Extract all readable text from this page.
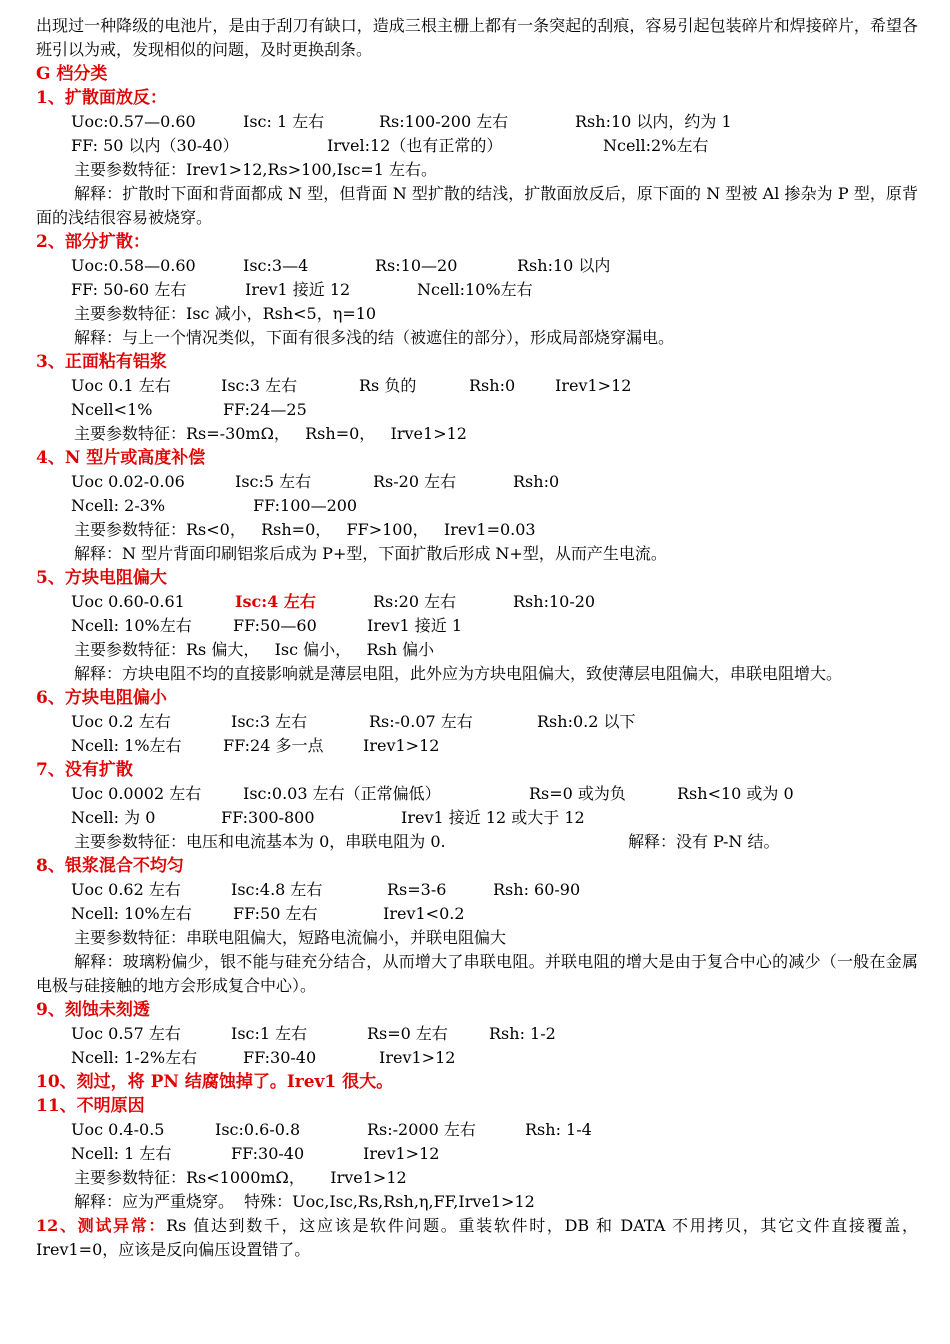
出现过一种降级的电池片，是由于刮刀有缺口，造成三根主栅上都有一条突起的刮痕，容易引起包装碎片和焊接碎片，希望各班引以为戒，发现相似的问题，及时更换刮条。

G 档分类

1、扩散面放反：

Uoc:0.57—0.60	Isc: 1 左右	Rs:100-200 左右	Rsh:10 以内，约为 1
FF: 50 以内（30-40）	Irvel:12（也有正常的）	Ncell:2%左右

主要参数特征：Irev1>12,Rs>100,Isc=1 左右。

解释：扩散时下面和背面都成 N 型，但背面 N 型扩散的结浅，扩散面放反后，原下面的 N 型被 Al 掺杂为 P 型，原背面的浅结很容易被烧穿。

2、部分扩散：

Uoc:0.58—0.60	Isc:3—4	Rs:10—20	Rsh:10 以内
FF: 50-60 左右	Irev1 接近 12	Ncell:10%左右

主要参数特征：Isc 减小，Rsh<5，η=10

解释：与上一个情况类似，下面有很多浅的结（被遮住的部分），形成局部烧穿漏电。

3、正面粘有铝浆

Uoc 0.1 左右	Isc:3 左右	Rs 负的	Rsh:0	Irev1>12
Ncell<1%	FF:24—25

主要参数特征：Rs=-30mΩ，   Rsh=0，   Irve1>12

4、N 型片或高度补偿

Uoc 0.02-0.06	Isc:5 左右	Rs-20 左右	Rsh:0
Ncell: 2-3%	FF:100—200

主要参数特征：Rs<0，   Rsh=0，   FF>100，   Irev1=0.03

解释：N 型片背面印刷铝浆后成为 P+型，下面扩散后形成 N+型，从而产生电流。

5、方块电阻偏大

Uoc 0.60-0.61	Isc:4 左右	Rs:20 左右	Rsh:10-20
Ncell: 10%左右	FF:50—60	Irev1 接近 1

主要参数特征：Rs 偏大，   Isc 偏小，   Rsh 偏小

解释：方块电阻不均的直接影响就是薄层电阻，此外应为方块电阻偏大，致使薄层电阻偏大，串联电阻增大。

6、方块电阻偏小

Uoc 0.2 左右	Isc:3 左右	Rs:-0.07 左右	Rsh:0.2 以下
Ncell: 1%左右	FF:24 多一点	Irev1>12

7、没有扩散

Uoc 0.0002 左右	Isc:0.03 左右（正常偏低）	Rs=0 或为负	Rsh<10 或为 0
Ncell: 为 0	FF:300-800	Irev1 接近 12 或大于 12
主要参数特征：电压和电流基本为 0，串联电阻为 0.	解释：没有 P-N 结。

8、银浆混合不均匀

Uoc 0.62 左右	Isc:4.8 左右	Rs=3-6	Rsh: 60-90
Ncell: 10%左右	FF:50 左右	Irev1<0.2

主要参数特征：串联电阻偏大，短路电流偏小，并联电阻偏大

解释：玻璃粉偏少，银不能与硅充分结合，从而增大了串联电阻。并联电阻的增大是由于复合中心的减少（一般在金属电极与硅接触的地方会形成复合中心）。

9、刻蚀未刻透

Uoc 0.57 左右	Isc:1 左右	Rs=0 左右	Rsh: 1-2
Ncell: 1-2%左右	FF:30-40	Irev1>12

10、刻过，将 PN 结腐蚀掉了。Irev1 很大。

11、不明原因

Uoc 0.4-0.5	Isc:0.6-0.8	Rs:-2000 左右	Rsh: 1-4
Ncell: 1 左右	FF:30-40	Irev1>12

主要参数特征：Rs<1000mΩ，     Irve1>12

解释：应为严重烧穿。  特殊：Uoc,Isc,Rs,Rsh,η,FF,Irve1>12

12、测试异常：Rs 值达到数千，这应该是软件问题。重装软件时，DB 和 DATA 不用拷贝，其它文件直接覆盖，Irev1=0，应该是反向偏压设置错了。
